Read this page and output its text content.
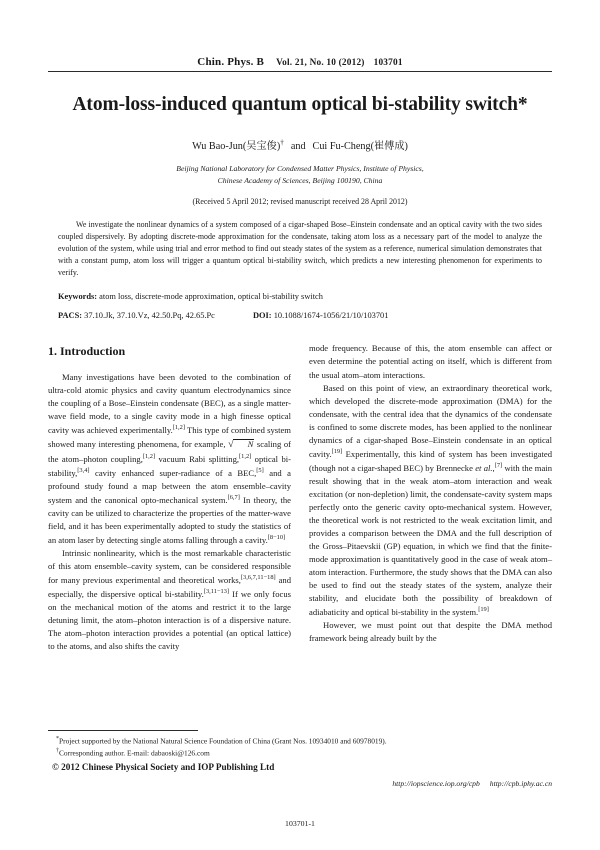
Chin. Phys. B Vol. 21, No. 10 (2012) 103701
Atom-loss-induced quantum optical bi-stability switch*
Wu Bao-Jun(吴宝俊)† and Cui Fu-Cheng(崔傅成)
Beijing National Laboratory for Condensed Matter Physics, Institute of Physics,
Chinese Academy of Sciences, Beijing 100190, China
(Received 5 April 2012; revised manuscript received 28 April 2012)
We investigate the nonlinear dynamics of a system composed of a cigar-shaped Bose–Einstein condensate and an optical cavity with the two sides coupled dispersively. By adopting discrete-mode approximation for the condensate, taking atom loss as a necessary part of the model to analyze the evolution of the system, while using trial and error method to find out steady states of the system as a reference, numerical simulation demonstrates that with a constant pump, atom loss will trigger a quantum optical bi-stability switch, which predicts a new interesting phenomenon for experiments to verify.
Keywords: atom loss, discrete-mode approximation, optical bi-stability switch
PACS: 37.10.Jk, 37.10.Vz, 42.50.Pq, 42.65.Pc	DOI: 10.1088/1674-1056/21/10/103701
1. Introduction

Many investigations have been devoted to the combination of ultra-cold atomic physics and cavity quantum electrodynamics since the coupling of a Bose–Einstein condensate (BEC), as a single matter-wave field mode, to a single cavity mode in a high finesse optical cavity was achieved experimentally.[1,2] This type of combined system showed many interesting phenomena, for example, √ N scaling of the atom–photon coupling,[1,2] vacuum Rabi splitting,[1,2] optical bi-stability,[3,4] cavity enhanced super-radiance of a BEC,[5] and a profound study found a map between the atom ensemble–cavity system and the canonical opto-mechanical system.[6,7] In theory, the cavity can be utilized to characterize the properties of the matter-wave field, and it has been experimentally adopted to study the statistics of an atom laser by detecting single atoms falling through a cavity.[8−10]

Intrinsic nonlinearity, which is the most remarkable characteristic of this atom ensemble–cavity system, can be considered responsible for many previous experimental and theoretical works,[3,6,7,11−18] and especially, the dispersive optical bi-stability.[3,11−13] If we only focus on the mechanical motion of the atoms and restrict it to the large detuning limit, the atom–photon interaction is of a dispersive nature. The atom–photon interaction provides a potential (an optical lattice) to the atoms, and also shifts the cavity

mode frequency. Because of this, the atom ensemble can affect or even determine the potential acting on itself, which is different from the usual atom–atom interactions.

Based on this point of view, an extraordinary theoretical work, which developed the discrete-mode approximation (DMA) for the condensate, with the central idea that the dynamics of the condensate is confined to some discrete modes, has been applied to the nonlinear dynamics of a cigar-shaped Bose–Einstein condensate in an optical cavity.[19] Experimentally, this kind of system has been investigated (though not a cigar-shaped BEC) by Brennecke et al.,[7] with the main result showing that in the weak atom–atom interaction and weak excitation (or non-depletion) limit, the condensate-cavity system maps perfectly onto the generic cavity opto-mechanical system. However, the theoretical work is not restricted to the weak excitation limit, and provides a comparison between the DMA and the full description of the Gross–Pitaevskii (GP) equation, in which we find that the finite-mode approximation is quantitatively good in the case of weak atom–atom interaction. Furthermore, the study shows that the DMA can also be used to find out the steady states of the system, analyze their stability, and elucidate both the possibility of breakdown of adiabaticity and optical bi-stability in the system.[19]

However, we must point out that despite the DMA method framework being already built by the

*Project supported by the National Natural Science Foundation of China (Grant Nos. 10934010 and 60978019).
†Corresponding author. E-mail: dabaoski@126.com
© 2012 Chinese Physical Society and IOP Publishing Ltd
http://iopscience.iop.org/cpb http://cpb.iphy.ac.cn
103701-1
